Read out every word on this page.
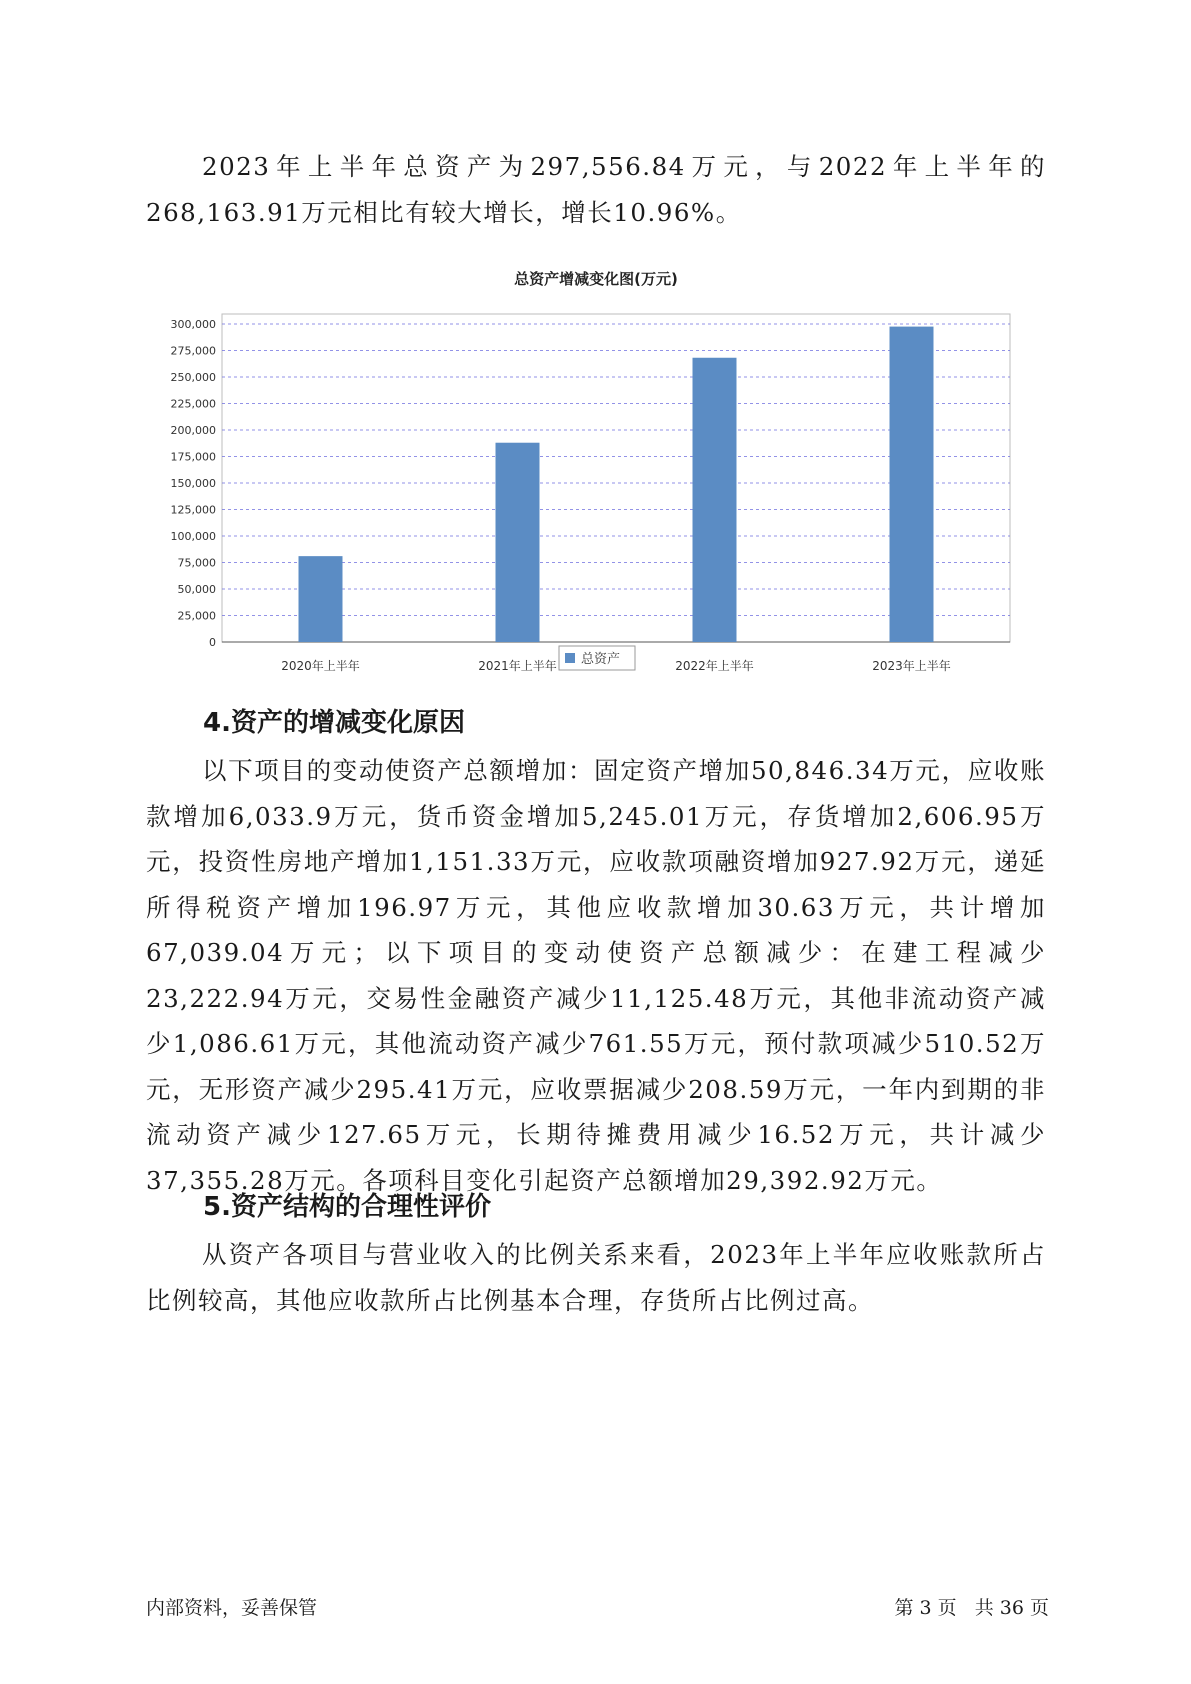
2023年上半年总资产为297,556.84万元，与2022年上半年的268,163.91万元相比有较大增长，增长10.96%。

总资产增减变化图(万元)
0
25,000
50,000
75,000
100,000
125,000
150,000
175,000
200,000
225,000
250,000
275,000
300,000
2020年上半年	2021年上半年	2022年上半年	2023年上半年
总资产
4.资产的增减变化原因

以下项目的变动使资产总额增加：固定资产增加50,846.34万元，应收账款增加6,033.9万元，货币资金增加5,245.01万元，存货增加2,606.95万元，投资性房地产增加1,151.33万元，应收款项融资增加927.92万元，递延所得税资产增加196.97万元，其他应收款增加30.63万元，共计增加67,039.04万元；以下项目的变动使资产总额减少：在建工程减少23,222.94万元，交易性金融资产减少11,125.48万元，其他非流动资产减少1,086.61万元，其他流动资产减少761.55万元，预付款项减少510.52万元，无形资产减少295.41万元，应收票据减少208.59万元，一年内到期的非流动资产减少127.65万元，长期待摊费用减少16.52万元，共计减少37,355.28万元。各项科目变化引起资产总额增加29,392.92万元。

5.资产结构的合理性评价

从资产各项目与营业收入的比例关系来看，2023年上半年应收账款所占比例较高，其他应收款所占比例基本合理，存货所占比例过高。

内部资料，妥善保管	第 3 页   共 36 页
